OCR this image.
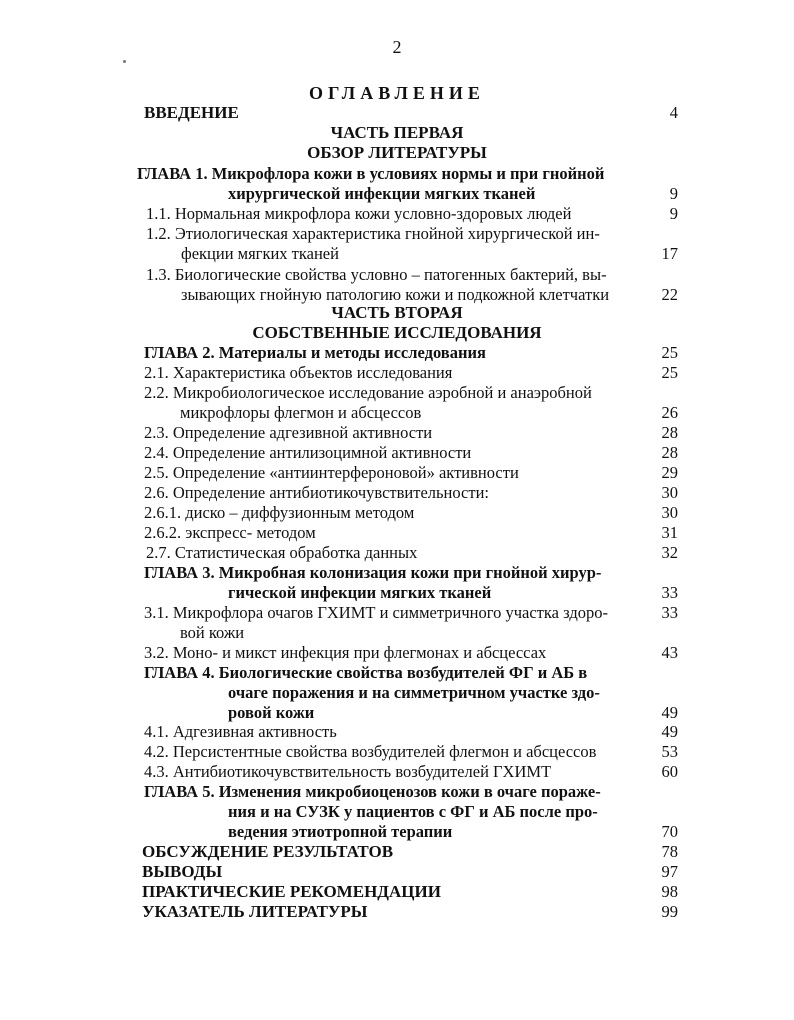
2
ОГЛАВЛЕНИЕ
ВВЕДЕНИЕ	4
ЧАСТЬ ПЕРВАЯ
ОБЗОР ЛИТЕРАТУРЫ
ГЛАВА 1. Микрофлора кожи в условиях нормы и при гнойной
хирургической инфекции мягких тканей	9
1.1. Нормальная микрофлора кожи условно-здоровых людей	9
1.2. Этиологическая характеристика гнойной хирургической ин-
фекции мягких тканей	17
1.3. Биологические свойства условно – патогенных бактерий, вы-
зывающих гнойную патологию кожи и подкожной клетчатки	22
ЧАСТЬ ВТОРАЯ
СОБСТВЕННЫЕ ИССЛЕДОВАНИЯ
ГЛАВА 2. Материалы и методы исследования	25
2.1. Характеристика объектов исследования	25
2.2. Микробиологическое исследование аэробной и анаэробной
микрофлоры флегмон и абсцессов	26
2.3. Определение адгезивной активности	28
2.4. Определение антилизоцимной активности	28
2.5. Определение «антиинтерфероновой» активности	29
2.6. Определение антибиотикочувствительности:	30
2.6.1. диско – диффузионным методом	30
2.6.2. экспресс- методом	31
2.7. Статистическая обработка данных	32
ГЛАВА 3. Микробная колонизация кожи при гнойной хирур-
гической инфекции мягких тканей	33
3.1. Микрофлора очагов ГХИМТ и симметричного участка здоро-	33
вой кожи
3.2. Моно- и микст инфекция при флегмонах и абсцессах	43
ГЛАВА 4. Биологические свойства возбудителей ФГ и АБ в
очаге поражения и на симметричном участке здо-
ровой кожи	49
4.1. Адгезивная активность	49
4.2. Персистентные свойства возбудителей флегмон и абсцессов	53
4.3. Антибиотикочувствительность возбудителей ГХИМТ	60
ГЛАВА 5. Изменения микробиоценозов кожи в очаге пораже-
ния и на СУЗК у пациентов с ФГ и АБ после про-
ведения этиотропной терапии	70
ОБСУЖДЕНИЕ РЕЗУЛЬТАТОВ	78
ВЫВОДЫ	97
ПРАКТИЧЕСКИЕ РЕКОМЕНДАЦИИ	98
УКАЗАТЕЛЬ ЛИТЕРАТУРЫ	99
